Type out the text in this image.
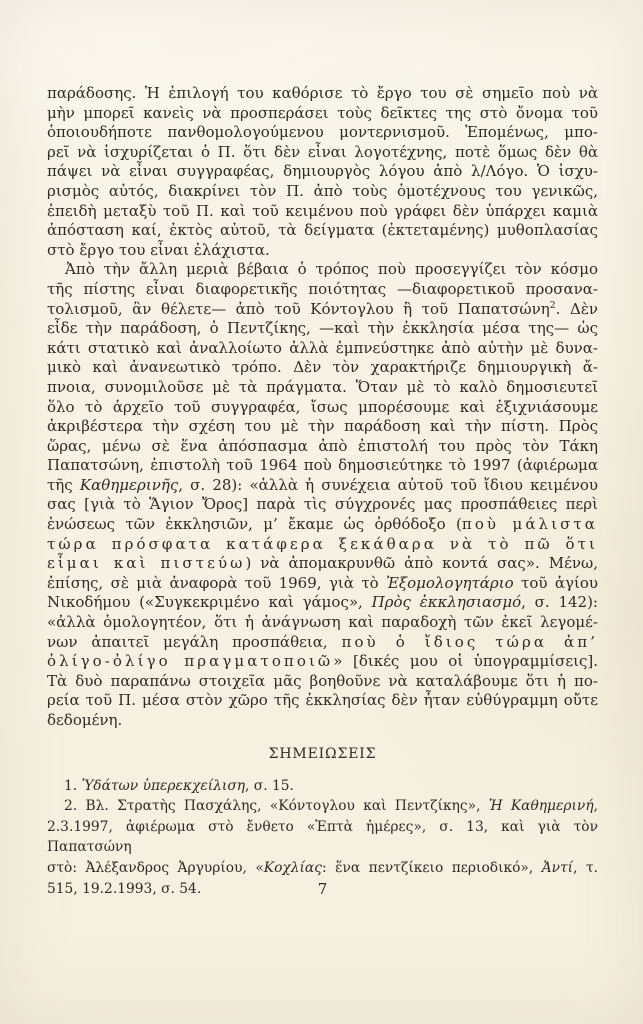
παράδοσης. Ἡ ἐπιλογή του καθόρισε τὸ ἔργο του σὲ σημεῖο ποὺ νὰ
μὴν μπορεῖ κανεὶς νὰ προσπεράσει τοὺς δεῖκτες της στὸ ὄνομα τοῦ
ὁποιουδήποτε πανθομολογούμενου μοντερνισμοῦ. Ἑπομένως, μπο-
ρεῖ νὰ ἰσχυρίζεται ὁ Π. ὅτι δὲν εἶναι λογοτέχνης, ποτὲ ὅμως δὲν θὰ
πάψει νὰ εἶναι συγγραφέας, δημιουργὸς λόγου ἀπὸ λ/Λόγο. Ὁ ἰσχυ-
ρισμὸς αὐτός, διακρίνει τὸν Π. ἀπὸ τοὺς ὁμοτέχνους του γενικῶς,
ἐπειδὴ μεταξὺ τοῦ Π. καὶ τοῦ κειμένου ποὺ γράφει δὲν ὑπάρχει καμιὰ
ἀπόσταση καί, ἐκτὸς αὐτοῦ, τὰ δείγματα (ἐκτεταμένης) μυθοπλασίας
στὸ ἔργο του εἶναι ἐλάχιστα.
Ἀπὸ τὴν ἄλλη μεριὰ βέβαια ὁ τρόπος ποὺ προσεγγίζει τὸν κόσμο
τῆς πίστης εἶναι διαφορετικῆς ποιότητας —διαφορετικοῦ προσανα-
τολισμοῦ, ἂν θέλετε— ἀπὸ τοῦ Κόντογλου ἢ τοῦ Παπατσώνη$^2$. Δὲν
εἶδε τὴν παράδοση, ὁ Πεντζίκης, —καὶ τὴν ἐκκλησία μέσα της— ὡς
κάτι στατικὸ καὶ ἀναλλοίωτο ἀλλὰ ἐμπνεύστηκε ἀπὸ αὐτὴν μὲ δυνα-
μικὸ καὶ ἀνανεωτικὸ τρόπο. Δὲν τὸν χαρακτήριζε δημιουργικὴ ἄ-
πνοια, συνομιλοῦσε μὲ τὰ πράγματα. Ὅταν μὲ τὸ καλὸ δημοσιευτεῖ
ὅλο τὸ ἀρχεῖο τοῦ συγγραφέα, ἴσως μπορέσουμε καὶ ἐξιχνιάσουμε
ἀκριβέστερα τὴν σχέση του μὲ τὴν παράδοση καὶ τὴν πίστη. Πρὸς
ὥρας, μένω σὲ ἕνα ἀπόσπασμα ἀπὸ ἐπιστολή του πρὸς τὸν Τάκη
Παπατσώνη, ἐπιστολὴ τοῦ 1964 ποὺ δημοσιεύτηκε τὸ 1997 (ἀφιέρωμα
τῆς Καθημερινῆς, σ. 28): «ἀλλὰ ἡ συνέχεια αὐτοῦ τοῦ ἴδιου κειμένου
σας [γιὰ τὸ Ἅγιον Ὄρος] παρὰ τὶς σύγχρονές μας προσπάθειες περὶ
ἑνώσεως τῶν ἐκκλησιῶν, μ’ ἔκαμε ὡς ὀρθόδοξο (ποὺ μάλιστα
τώρα πρόσφατα κατάφερα ξεκάθαρα νὰ τὸ πῶ ὅτι
εἶμαι καὶ πιστεύω) νὰ ἀπομακρυνθῶ ἀπὸ κοντά σας». Μένω,
ἐπίσης, σὲ μιὰ ἀναφορὰ τοῦ 1969, γιὰ τὸ Ἐξομολογητάριο τοῦ ἁγίου
Νικοδήμου («Συγκεκριμένο καὶ γάμος», Πρὸς ἐκκλησιασμό, σ. 142):
«ἀλλὰ ὁμολογητέον, ὅτι ἡ ἀνάγνωση καὶ παραδοχὴ τῶν ἐκεῖ λεγομέ-
νων ἀπαιτεῖ μεγάλη προσπάθεια, ποὺ ὁ ἴδιος τώρα ἀπ’
ὀλίγο-ὀλίγο πραγματοποιῶ» [δικές μου οἱ ὑπογραμμίσεις].
Τὰ δυὸ παραπάνω στοιχεῖα μᾶς βοηθοῦνε νὰ καταλάβουμε ὅτι ἡ πο-
ρεία τοῦ Π. μέσα στὸν χῶρο τῆς ἐκκλησίας δὲν ἦταν εὐθύγραμμη οὔτε
δεδομένη.
ΣΗΜΕΙΩΣΕΙΣ
1. Ὑδάτων ὑπερεκχείλιση, σ. 15.
2. Βλ. Στρατὴς Πασχάλης, «Κόντογλου καὶ Πεντζίκης», Ἡ Καθημερινή,
2.3.1997, ἀφιέρωμα στὸ ἔνθετο «Ἑπτὰ ἡμέρες», σ. 13, καὶ γιὰ τὸν Παπατσώνη
στὸ: Ἀλέξανδρος Ἀργυρίου, «Κοχλίας: ἕνα πεντζίκειο περιοδικό», Ἀντί, τ.
515, 19.2.1993, σ. 54.	7
